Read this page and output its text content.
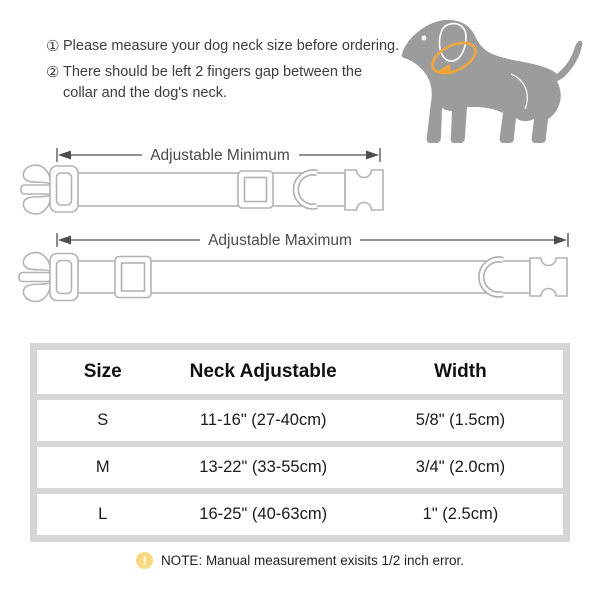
① Please measure your dog neck size before ordering.
② There should be left 2 fingers gap between the collar and the dog's neck.
Adjustable Minimum
Adjustable Maximum
Size	Neck Adjustable	Width
S	11-16" (27-40cm)	5/8" (1.5cm)
M	13-22" (33-55cm)	3/4" (2.0cm)
L	16-25" (40-63cm)	1" (2.5cm)
!	NOTE: Manual measurement exisits 1/2 inch error.
